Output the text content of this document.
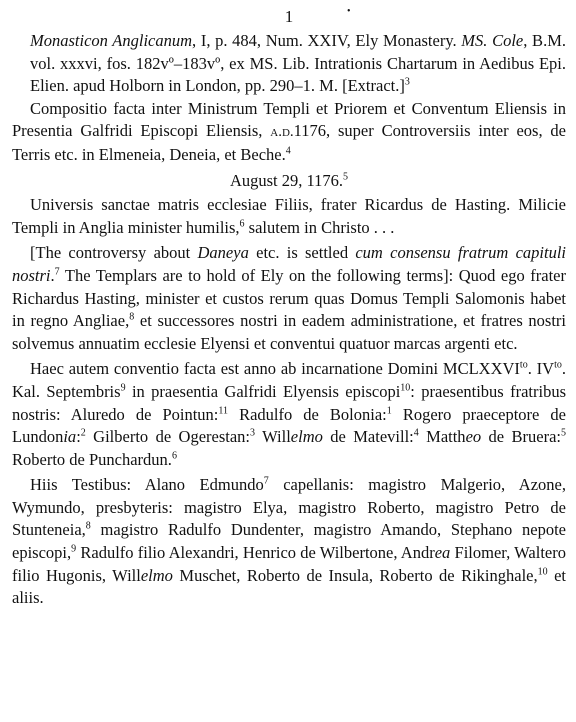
1	•

Monasticon Anglicanum, I, p. 484, Num. XXIV, Ely Monastery. MS. Cole, B.M. vol. xxxvi, fos. 182vº–183vº, ex MS. Lib. Intrationis Chartarum in Aedibus Epi. Elien. apud Holborn in London, pp. 290–1. M. [Extract.]$^3$

Compositio facta inter Ministrum Templi et Priorem et Conventum Eliensis in Presentia Galfridi Episcopi Eliensis, a.d.1176, super Controversiis inter eos, de Terris etc. in Elmeneia, Deneia, et Beche.$^4$

August 29, 1176.$^5$

Universis sanctae matris ecclesiae Filiis, frater Ricardus de Hasting. Milicie Templi in Anglia minister humilis,$^6$ salutem in Christo . . .

[The controversy about Daneya etc. is settled cum consensu fratrum capituli nostri.$^7$ The Templars are to hold of Ely on the following terms]: Quod ego frater Richardus Hasting, minister et custos rerum quas Domus Templi Salomonis habet in regno Angliae,$^8$ et successores nostri in eadem administratione, et fratres nostri solvemus annuatim ecclesie Elyensi et conventui quatuor marcas argenti etc.

Haec autem conventio facta est anno ab incarnatione Domini $MCLXXVI^{to}$. $IV^{to}$. Kal. Septembris$^9$ in praesentia Galfridi Elyensis episcopi$^{10}$: praesentibus fratribus nostris: Aluredo de Pointun:$^{11}$ Radulfo de Bolonia:$^1$ Rogero praeceptore de Lundonia:$^2$ Gilberto de Ogerestan:$^3$ Willelmo de Matevill:$^4$ Mattheo de Bruera:$^5$ Roberto de Punchardun.$^6$

Hiis Testibus: Alano Edmundo$^7$ capellanis: magistro Malgerio, Azone, Wymundo, presbyteris: magistro Elya, magistro Roberto, magistro Petro de Stunteneia,$^8$ magistro Radulfo Dundenter, magistro Amando, Stephano nepote episcopi,$^9$ Radulfo filio Alexandri, Henrico de Wilbertone, Andrea Filomer, Waltero filio Hugonis, Willelmo Muschet, Roberto de Insula, Roberto de Rikinghale,$^{10}$ et aliis.
